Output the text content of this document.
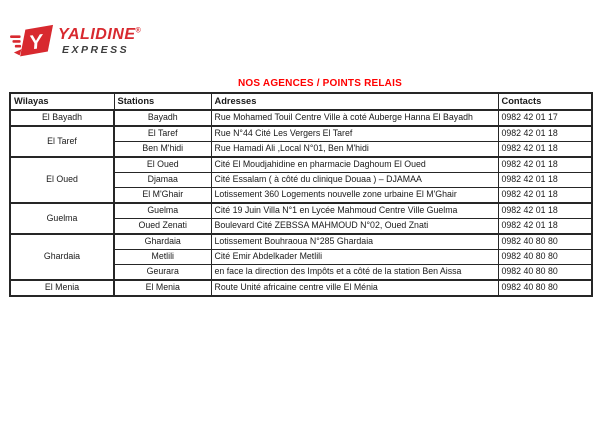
Y YALIDINE®
EXPRESS
NOS AGENCES / POINTS RELAIS
Wilayas	Stations	Adresses	Contacts
El Bayadh	Bayadh	Rue Mohamed Touil Centre Ville à coté Auberge Hanna El Bayadh	0982 42 01 17
El Taref	El Taref	Rue N°44 Cité Les Vergers El Taref	0982 42 01 18
	Ben M'hidi	Rue Hamadi Ali ,Local N°01, Ben M'hidi	0982 42 01 18
El Oued	El Oued	Cité El Moudjahidine en pharmacie Daghoum El Oued	0982 42 01 18
	Djamaa	Cité Essalam ( à côté du clinique Douaa ) – DJAMAA	0982 42 01 18
	El M'Ghair	Lotissement 360 Logements nouvelle zone urbaine El M'Ghair	0982 42 01 18
Guelma	Guelma	Cité 19 Juin Villa N°1 en Lycée Mahmoud Centre Ville Guelma	0982 42 01 18
	Oued Zenati	Boulevard Cité ZEBSSA MAHMOUD N°02, Oued Znati	0982 42 01 18
Ghardaia	Ghardaia	Lotissement Bouhraoua N°285 Ghardaia	0982 40 80 80
	Metlili	Cité Emir Abdelkader Metlili	0982 40 80 80
	Geurara	en face la direction des Impôts et a côté de la station Ben Aissa	0982 40 80 80
El Menia	El Menia	Route Unité africaine centre ville El Ménia	0982 40 80 80
